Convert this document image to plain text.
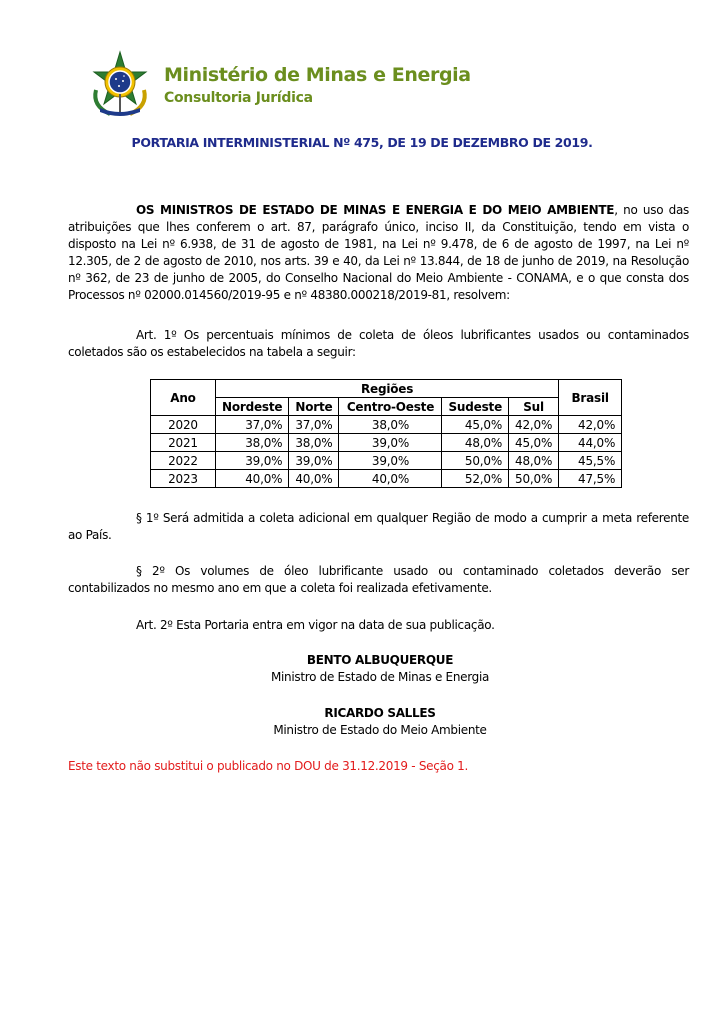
Ministério de Minas e Energia
Consultoria Jurídica
PORTARIA INTERMINISTERIAL Nº 475, DE 19 DE DEZEMBRO DE 2019.

OS MINISTROS DE ESTADO DE MINAS E ENERGIA E DO MEIO AMBIENTE, no uso das atribuições que lhes conferem o art. 87, parágrafo único, inciso II, da Constituição, tendo em vista o disposto na Lei nº 6.938, de 31 de agosto de 1981, na Lei nº 9.478, de 6 de agosto de 1997, na Lei nº 12.305, de 2 de agosto de 2010, nos arts. 39 e 40, da Lei nº 13.844, de 18 de junho de 2019, na Resolução nº 362, de 23 de junho de 2005, do Conselho Nacional do Meio Ambiente - CONAMA, e o que consta dos Processos nº 02000.014560/2019-95 e nº 48380.000218/2019-81, resolvem:

Art. 1º Os percentuais mínimos de coleta de óleos lubrificantes usados ou contaminados coletados são os estabelecidos na tabela a seguir:

Ano	Regiões					Brasil
	Nordeste	Norte	Centro-Oeste	Sudeste	Sul	
2020	37,0%	37,0%	38,0%	45,0%	42,0%	42,0%
2021	38,0%	38,0%	39,0%	48,0%	45,0%	44,0%
2022	39,0%	39,0%	39,0%	50,0%	48,0%	45,5%
2023	40,0%	40,0%	40,0%	52,0%	50,0%	47,5%

§ 1º Será admitida a coleta adicional em qualquer Região de modo a cumprir a meta referente ao País.

§ 2º Os volumes de óleo lubrificante usado ou contaminado coletados deverão ser contabilizados no mesmo ano em que a coleta foi realizada efetivamente.

Art. 2º Esta Portaria entra em vigor na data de sua publicação.

BENTO ALBUQUERQUE
Ministro de Estado de Minas e Energia
RICARDO SALLES
Ministro de Estado do Meio Ambiente
Este texto não substitui o publicado no DOU de 31.12.2019 - Seção 1.
